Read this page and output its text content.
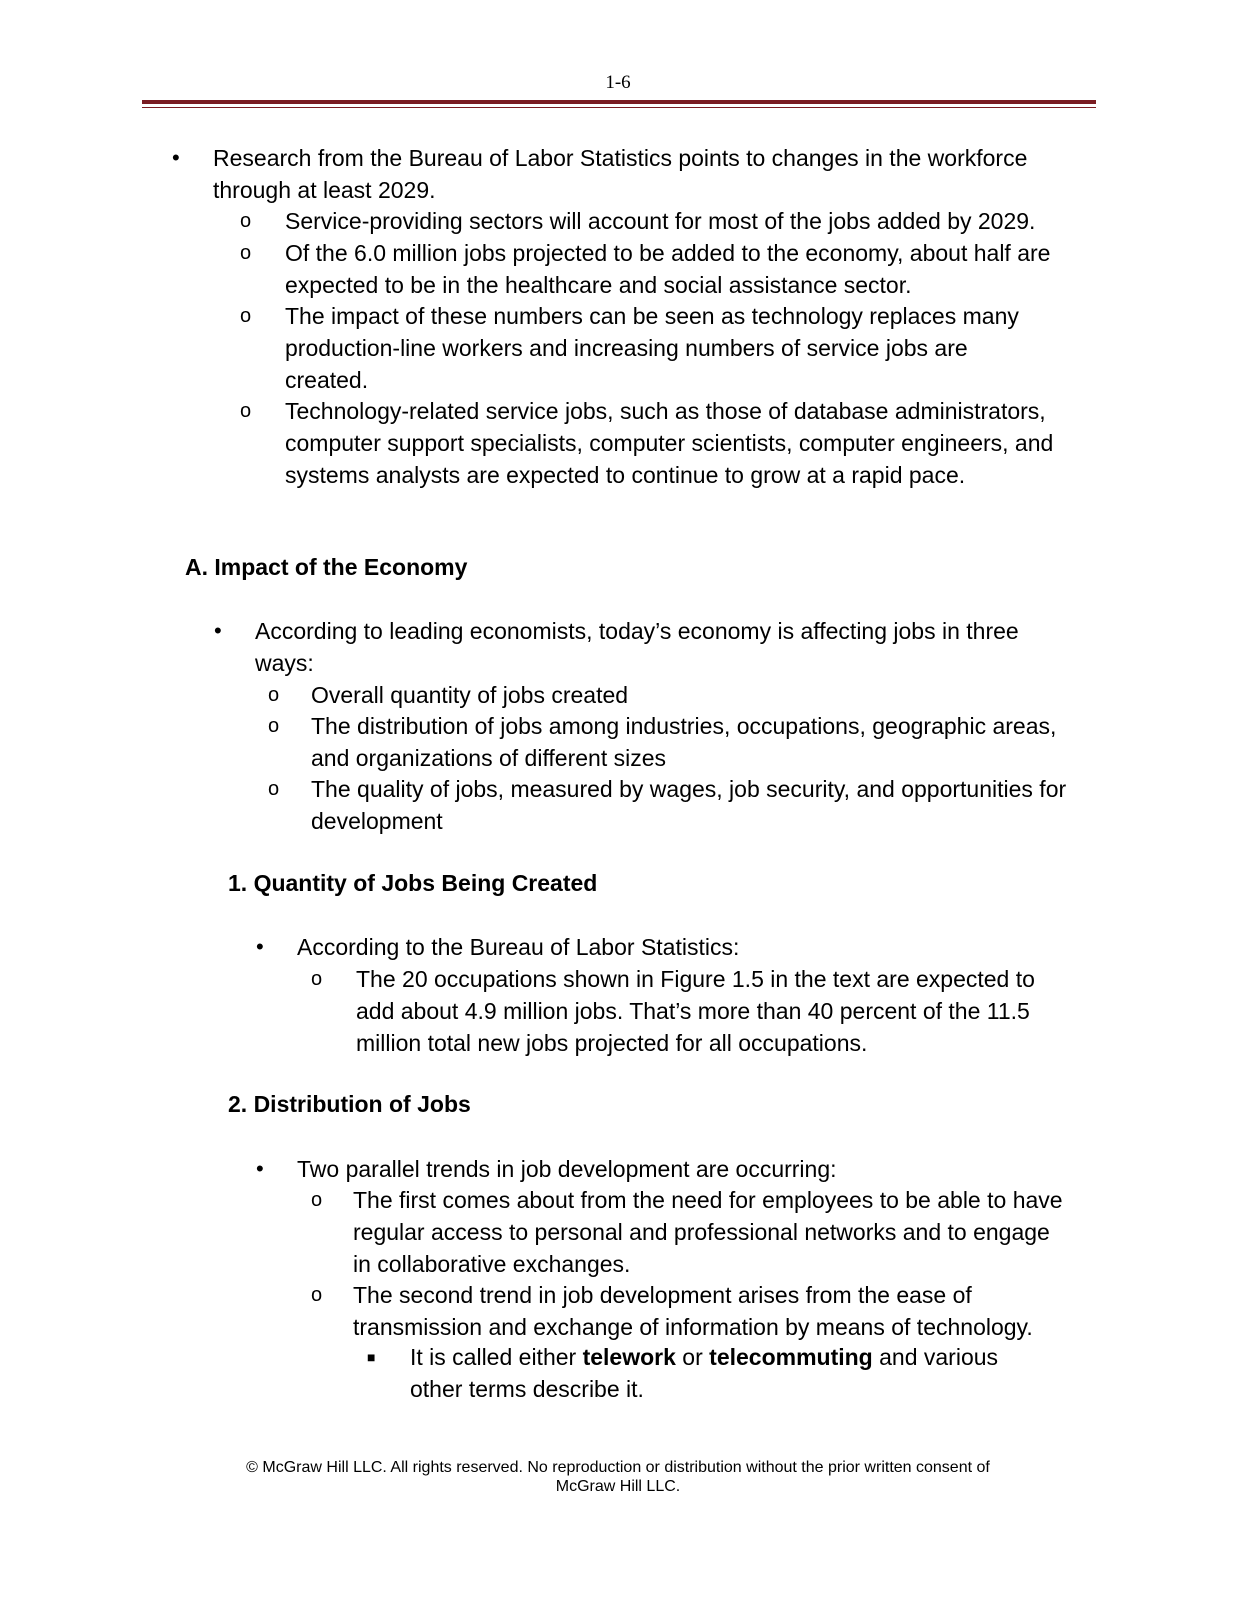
1-6
• Research from the Bureau of Labor Statistics points to changes in the workforce through at least 2029.
o Service-providing sectors will account for most of the jobs added by 2029.
o Of the 6.0 million jobs projected to be added to the economy, about half are expected to be in the healthcare and social assistance sector.
o The impact of these numbers can be seen as technology replaces many production-line workers and increasing numbers of service jobs are created.
o Technology-related service jobs, such as those of database administrators, computer support specialists, computer scientists, computer engineers, and systems analysts are expected to continue to grow at a rapid pace.
A. Impact of the Economy
• According to leading economists, today’s economy is affecting jobs in three ways:
o Overall quantity of jobs created
o The distribution of jobs among industries, occupations, geographic areas, and organizations of different sizes
o The quality of jobs, measured by wages, job security, and opportunities for development
1. Quantity of Jobs Being Created
• According to the Bureau of Labor Statistics:
o The 20 occupations shown in Figure 1.5 in the text are expected to add about 4.9 million jobs. That’s more than 40 percent of the 11.5 million total new jobs projected for all occupations.
2. Distribution of Jobs
• Two parallel trends in job development are occurring:
o The first comes about from the need for employees to be able to have regular access to personal and professional networks and to engage in collaborative exchanges.
o The second trend in job development arises from the ease of transmission and exchange of information by means of technology.
■ It is called either telework or telecommuting and various other terms describe it.
© McGraw Hill LLC. All rights reserved. No reproduction or distribution without the prior written consent of
McGraw Hill LLC.
